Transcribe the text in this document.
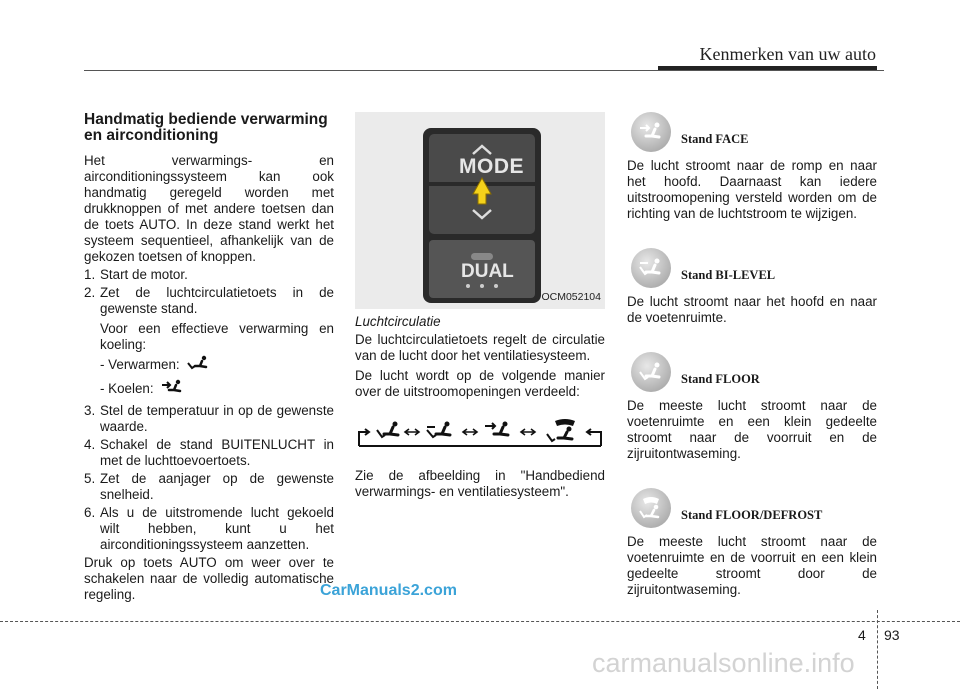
Kenmerken van uw auto
Handmatig bediende verwarming en airconditioning

Het verwarmings- en airconditioningssysteem kan ook handmatig geregeld worden met drukknoppen of met andere toetsen dan de toets AUTO. In deze stand werkt het systeem sequentieel, afhankelijk van de gekozen toetsen of knoppen.

1. Start de motor.
2. Zet de luchtcirculatietoets in de gewenste stand.
Voor een effectieve verwarming en koeling:
- Verwarmen:
- Koelen:
3. Stel de temperatuur in op de gewenste waarde.
4. Schakel de stand BUITENLUCHT in met de luchttoevoertoets.
5. Zet de aanjager op de gewenste snelheid.
6. Als u de uitstromende lucht gekoeld wilt hebben, kunt u het airconditioningssysteem aanzetten.

Druk op toets AUTO om weer over te schakelen naar de volledig automatische regeling.

MODE
DUAL
OCM052104

Luchtcirculatie

De luchtcirculatietoets regelt de circulatie van de lucht door het ventilatiesysteem.

De lucht wordt op de volgende manier over de uitstroomopeningen verdeeld:

Zie de afbeelding in "Handbediend verwarmings- en ventilatiesysteem".

Stand FACE

De lucht stroomt naar de romp en naar het hoofd. Daarnaast kan iedere uitstroomopening versteld worden om de richting van de luchtstroom te wijzigen.

Stand BI-LEVEL

De lucht stroomt naar het hoofd en naar de voetenruimte.

Stand FLOOR

De meeste lucht stroomt naar de voetenruimte en een klein gedeelte stroomt naar de voorruit en de zijruitontwaseming.

Stand FLOOR/DEFROST

De meeste lucht stroomt naar de voetenruimte en de voorruit en een klein gedeelte stroomt door de zijruitontwaseming.

CarManuals2.com
4 93
carmanualsonline.info
